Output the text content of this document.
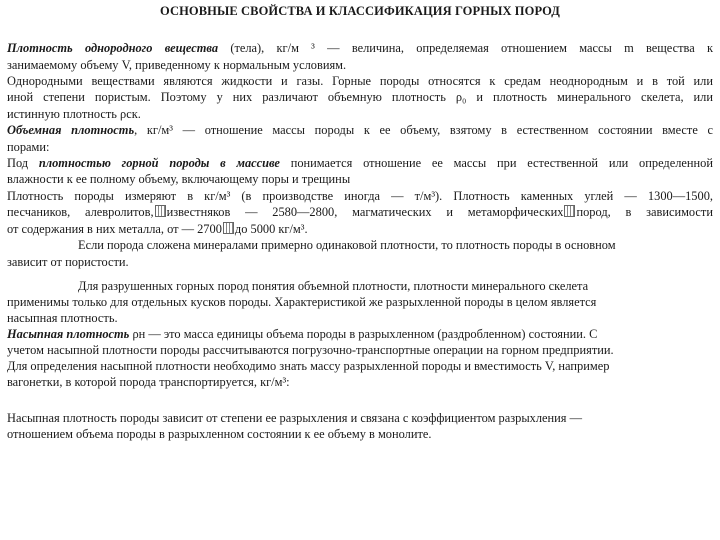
ОСНОВНЫЕ СВОЙСТВА И КЛАССИФИКАЦИЯ ГОРНЫХ ПОРОД
Плотность однородного вещества (тела), кг/м ³ — величина, определяемая отношением массы m вещества к
занимаемому объему V, приведенному к нормальным условиям.
Однородными веществами являются жидкости и газы. Горные породы относятся к средам неоднородным и в той или
иной степени пористым. Поэтому у них различают объемную плотность ρ₀ и плотность минерального скелета, или
истинную плотность ρск.
Объемная плотность, кг/м³ — отношение массы породы к ее объему, взятому в естественном состоянии вместе с
порами:
Под плотностью горной породы в массиве понимается отношение ее массы при естественной или определенной
влажности к ее полному объему, включающему поры и трещины
Плотность породы измеряют в кг/м³ (в производстве иногда — т/м³). Плотность каменных углей — 1300—1500,
песчаников, алевролитов, известняков — 2580—2800, магматических и метаморфических пород, в зависимости
от содержания в них металла, от — 2700 до 5000 кг/м³.
Если порода сложена минералами примерно одинаковой плотности, то плотность породы в основном
зависит от пористости.
Для разрушенных горных пород понятия объемной плотности, плотности минерального скелета
применимы только для отдельных кусков породы. Характеристикой же разрыхленной породы в целом является
насыпная плотность.
Насыпная плотность ρн — это масса единицы объема породы в разрыхленном (раздробленном) состоянии. С
учетом насыпной плотности породы рассчитываются погрузочно-транспортные операции на горном предприятии.
Для определения насыпной плотности необходимо знать массу разрыхленной породы и вместимость V, например
вагонетки, в которой порода транспортируется, кг/м³:
Насыпная плотность породы зависит от степени ее разрыхления и связана с коэффициентом разрыхления —
отношением объема породы в разрыхленном состоянии к ее объему в монолите.
